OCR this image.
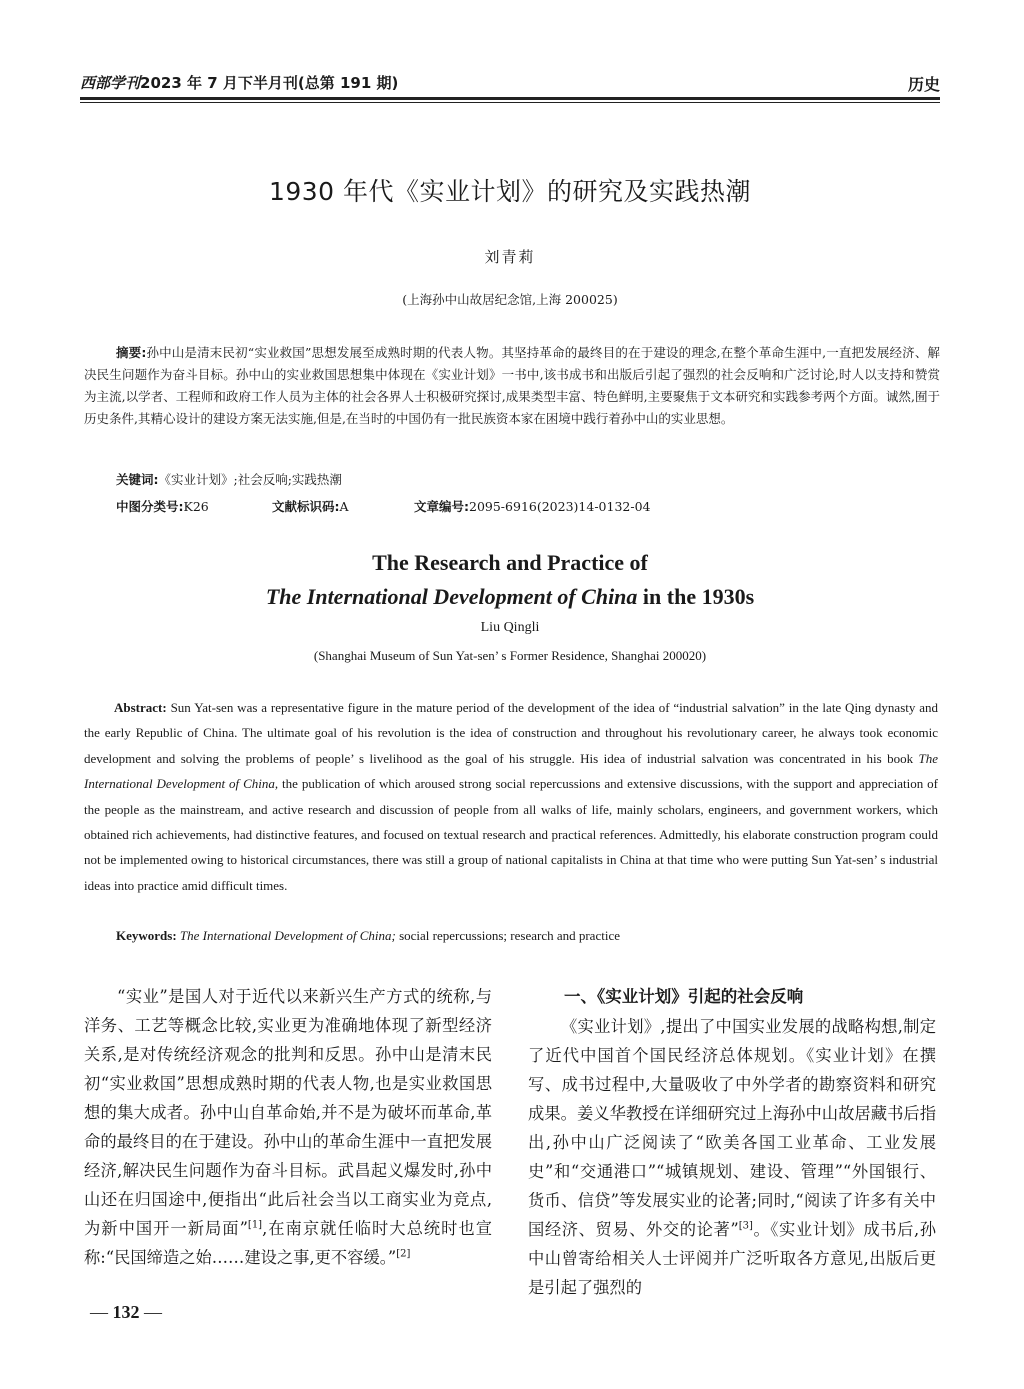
西部学刊2023 年 7 月下半月刊(总第 191 期)	历史
1930 年代《实业计划》的研究及实践热潮
刘青莉
(上海孙中山故居纪念馆,上海 200025)
摘要:孙中山是清末民初“实业救国”思想发展至成熟时期的代表人物。其坚持革命的最终目的在于建设的理念,在整个革命生涯中,一直把发展经济、解决民生问题作为奋斗目标。孙中山的实业救国思想集中体现在《实业计划》一书中,该书成书和出版后引起了强烈的社会反响和广泛讨论,时人以支持和赞赏为主流,以学者、工程师和政府工作人员为主体的社会各界人士积极研究探讨,成果类型丰富、特色鲜明,主要聚焦于文本研究和实践参考两个方面。诚然,囿于历史条件,其精心设计的建设方案无法实施,但是,在当时的中国仍有一批民族资本家在困境中践行着孙中山的实业思想。
关键词:《实业计划》;社会反响;实践热潮
中图分类号:K26	文献标识码:A	文章编号:2095-6916(2023)14-0132-04
The Research and Practice of
The International Development of China in the 1930s
Liu Qingli
(Shanghai Museum of Sun Yat-sen’ s Former Residence, Shanghai 200020)
Abstract: Sun Yat-sen was a representative figure in the mature period of the development of the idea of “industrial salvation” in the late Qing dynasty and the early Republic of China. The ultimate goal of his revolution is the idea of construction and throughout his revolutionary career, he always took economic development and solving the problems of people’ s livelihood as the goal of his struggle. His idea of industrial salvation was concentrated in his book The International Development of China, the publication of which aroused strong social repercussions and extensive discussions, with the support and appreciation of the people as the mainstream, and active research and discussion of people from all walks of life, mainly scholars, engineers, and government workers, which obtained rich achievements, had distinctive features, and focused on textual research and practical references. Admittedly, his elaborate construction program could not be implemented owing to historical circumstances, there was still a group of national capitalists in China at that time who were putting Sun Yat-sen’ s industrial ideas into practice amid difficult times.
Keywords: The International Development of China; social repercussions; research and practice

“实业”是国人对于近代以来新兴生产方式的统称,与洋务、工艺等概念比较,实业更为准确地体现了新型经济关系,是对传统经济观念的批判和反思。孙中山是清末民初“实业救国”思想成熟时期的代表人物,也是实业救国思想的集大成者。孙中山自革命始,并不是为破坏而革命,革命的最终目的在于建设。孙中山的革命生涯中一直把发展经济,解决民生问题作为奋斗目标。武昌起义爆发时,孙中山还在归国途中,便指出“此后社会当以工商实业为竞点,为新中国开一新局面”[1],在南京就任临时大总统时也宣称:“民国缔造之始……建设之事,更不容缓。”[2]

一、《实业计划》引起的社会反响

《实业计划》,提出了中国实业发展的战略构想,制定了近代中国首个国民经济总体规划。《实业计划》在撰写、成书过程中,大量吸收了中外学者的勘察资料和研究成果。姜义华教授在详细研究过上海孙中山故居藏书后指出,孙中山广泛阅读了“欧美各国工业革命、工业发展史”和“交通港口”“城镇规划、建设、管理”“外国银行、货币、信贷”等发展实业的论著;同时,“阅读了许多有关中国经济、贸易、外交的论著”[3]。《实业计划》成书后,孙中山曾寄给相关人士评阅并广泛听取各方意见,出版后更是引起了强烈的

— 132 —
